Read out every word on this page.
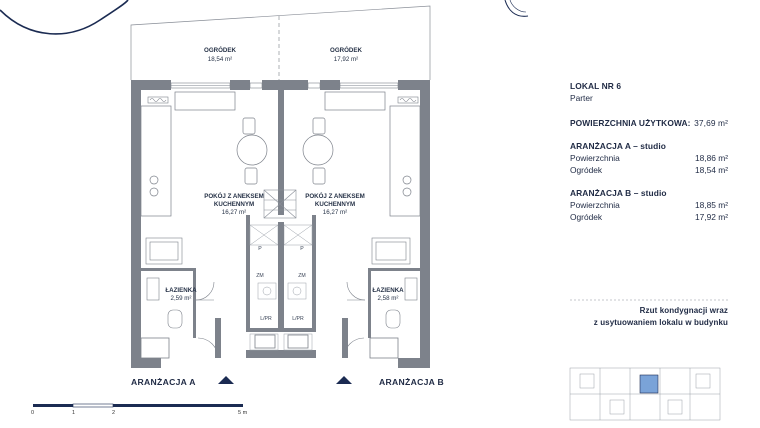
OGRÓDEK
18,54 m²
OGRÓDEK
17,92 m²
POKÓJ Z ANEKSEM
KUCHENNYM
16,27 m²
POKÓJ Z ANEKSEM
KUCHENNYM
16,27 m²
ŁAZIENKA
2,59 m²
ŁAZIENKA
2,58 m²
P	P
ZM	ZM
L/PR	L/PR
LOKAL NR 6
Parter
POWIERZCHNIA UŻYTKOWA: 37,69 m²
ARANŻACJA A – studio
Powierzchnia	18,86 m²
Ogródek	18,54 m²
ARANŻACJA B – studio
Powierzchnia	18,85 m²
Ogródek	17,92 m²
Rzut kondygnacji wraz
z usytuowaniem lokalu w budynku
ARANŻACJA A	ARANŻACJA B
0	1	2	5 m
